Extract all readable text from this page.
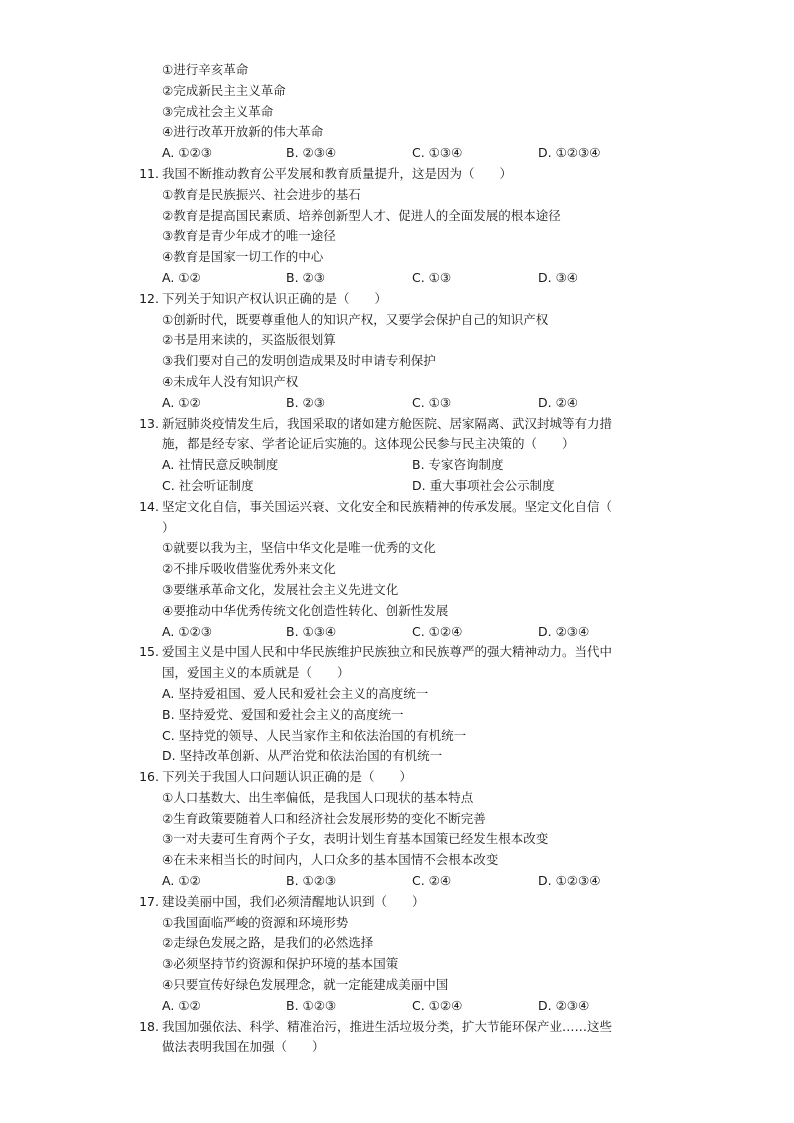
①进行辛亥革命
②完成新民主主义革命
③完成社会主义革命
④进行改革开放新的伟大革命
A. ①②③	B. ②③④	C. ①③④	D. ①②③④
11. 我国不断推动教育公平发展和教育质量提升，这是因为（　　）
①教育是民族振兴、社会进步的基石
②教育是提高国民素质、培养创新型人才、促进人的全面发展的根本途径
③教育是青少年成才的唯一途径
④教育是国家一切工作的中心
A. ①②	B. ②③	C. ①③	D. ③④
12. 下列关于知识产权认识正确的是（　　）
①创新时代，既要尊重他人的知识产权，又要学会保护自己的知识产权
②书是用来读的，买盗版很划算
③我们要对自己的发明创造成果及时申请专利保护
④未成年人没有知识产权
A. ①②	B. ②③	C. ①③	D. ②④
13. 新冠肺炎疫情发生后，我国采取的诸如建方舱医院、居家隔离、武汉封城等有力措
施，都是经专家、学者论证后实施的。这体现公民参与民主决策的（　　）
A. 社情民意反映制度	B. 专家咨询制度
C. 社会听证制度	D. 重大事项社会公示制度
14. 坚定文化自信，事关国运兴衰、文化安全和民族精神的传承发展。坚定文化自信（
）
①就要以我为主，坚信中华文化是唯一优秀的文化
②不排斥吸收借鉴优秀外来文化
③要继承革命文化，发展社会主义先进文化
④要推动中华优秀传统文化创造性转化、创新性发展
A. ①②③	B. ①③④	C. ①②④	D. ②③④
15. 爱国主义是中国人民和中华民族维护民族独立和民族尊严的强大精神动力。当代中
国，爱国主义的本质就是（　　）
A. 坚持爱祖国、爱人民和爱社会主义的高度统一
B. 坚持爱党、爱国和爱社会主义的高度统一
C. 坚持党的领导、人民当家作主和依法治国的有机统一
D. 坚持改革创新、从严治党和依法治国的有机统一
16. 下列关于我国人口问题认识正确的是（　　）
①人口基数大、出生率偏低，是我国人口现状的基本特点
②生育政策要随着人口和经济社会发展形势的变化不断完善
③一对夫妻可生育两个子女，表明计划生育基本国策已经发生根本改变
④在未来相当长的时间内，人口众多的基本国情不会根本改变
A. ①②	B. ①②③	C. ②④	D. ①②③④
17. 建设美丽中国，我们必须清醒地认识到（　　）
①我国面临严峻的资源和环境形势
②走绿色发展之路，是我们的必然选择
③必须坚持节约资源和保护环境的基本国策
④只要宣传好绿色发展理念，就一定能建成美丽中国
A. ①②	B. ①②③	C. ①②④	D. ②③④
18. 我国加强依法、科学、精准治污，推进生活垃圾分类，扩大节能环保产业……这些
做法表明我国在加强（　　）
